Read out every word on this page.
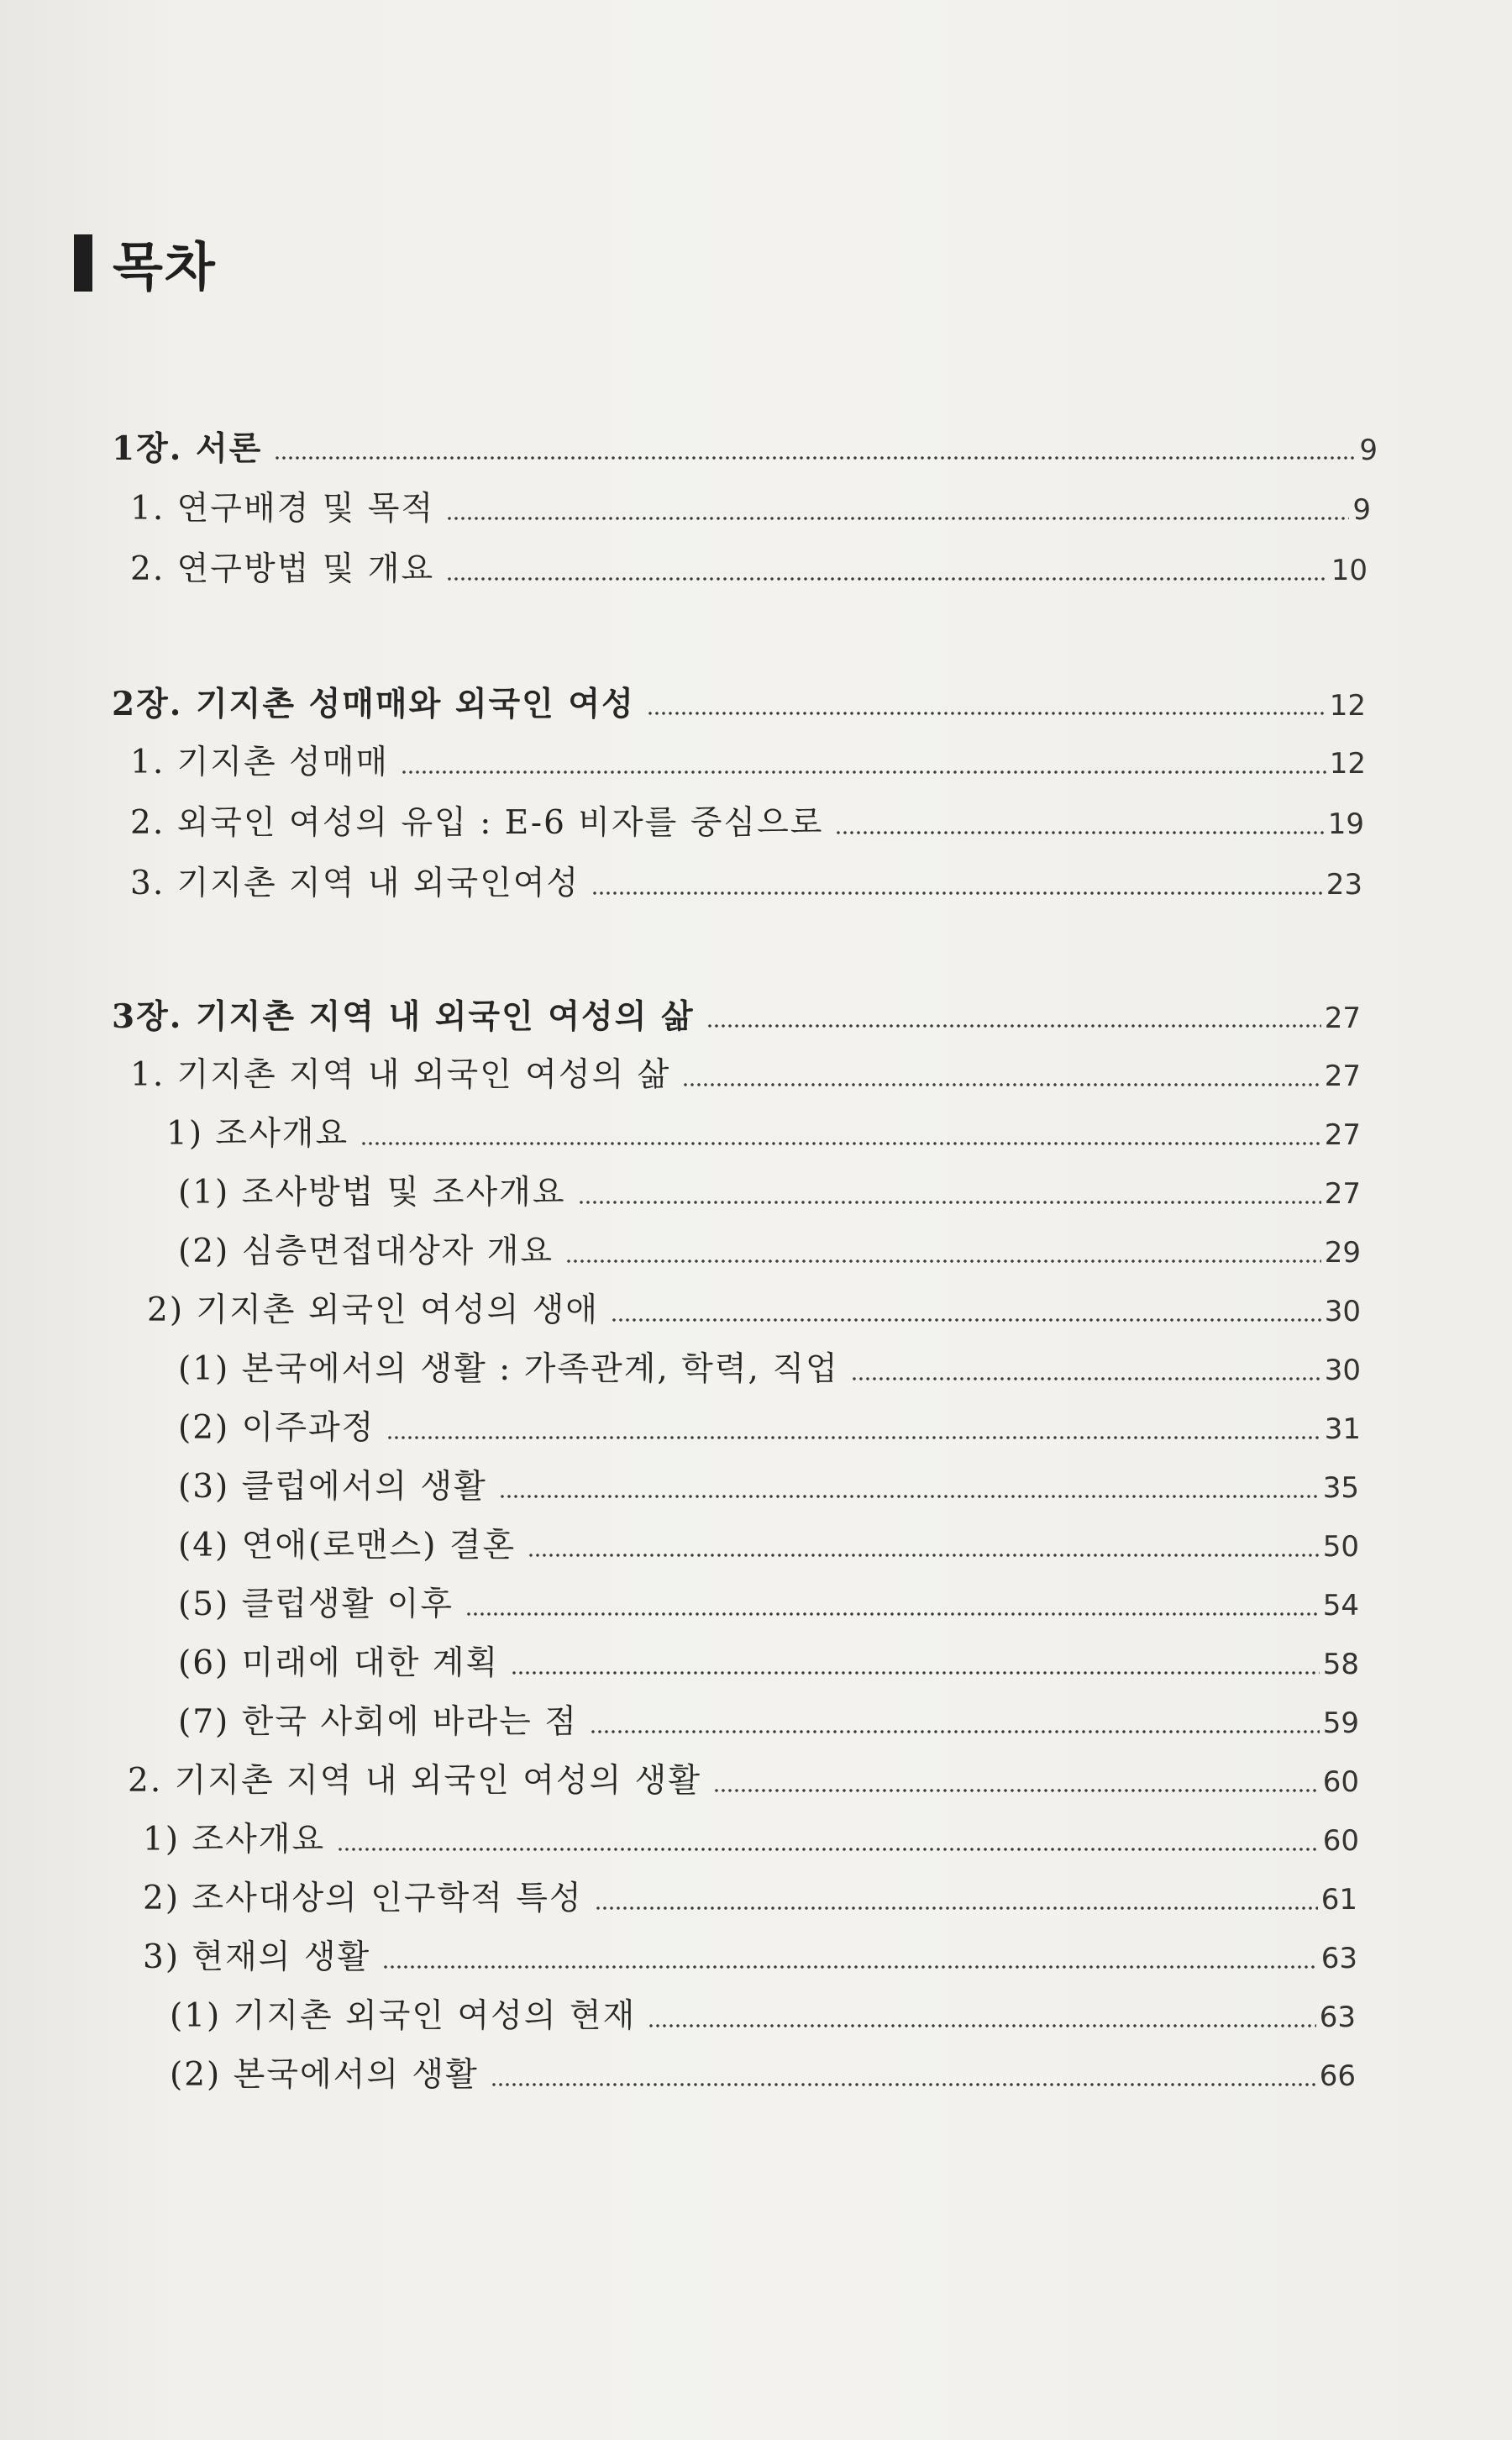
목차
1장. 서론	9
1. 연구배경 및 목적	9
2. 연구방법 및 개요	10
2장. 기지촌 성매매와 외국인 여성	12
1. 기지촌 성매매	12
2. 외국인 여성의 유입 : E-6 비자를 중심으로	19
3. 기지촌 지역 내 외국인여성	23
3장. 기지촌 지역 내 외국인 여성의 삶	27
1. 기지촌 지역 내 외국인 여성의 삶	27
1) 조사개요	27
(1) 조사방법 및 조사개요	27
(2) 심층면접대상자 개요	29
2) 기지촌 외국인 여성의 생애	30
(1) 본국에서의 생활 : 가족관계, 학력, 직업	30
(2) 이주과정	31
(3) 클럽에서의 생활	35
(4) 연애(로맨스) 결혼	50
(5) 클럽생활 이후	54
(6) 미래에 대한 계획	58
(7) 한국 사회에 바라는 점	59
2. 기지촌 지역 내 외국인 여성의 생활	60
1) 조사개요	60
2) 조사대상의 인구학적 특성	61
3) 현재의 생활	63
(1) 기지촌 외국인 여성의 현재	63
(2) 본국에서의 생활	66
